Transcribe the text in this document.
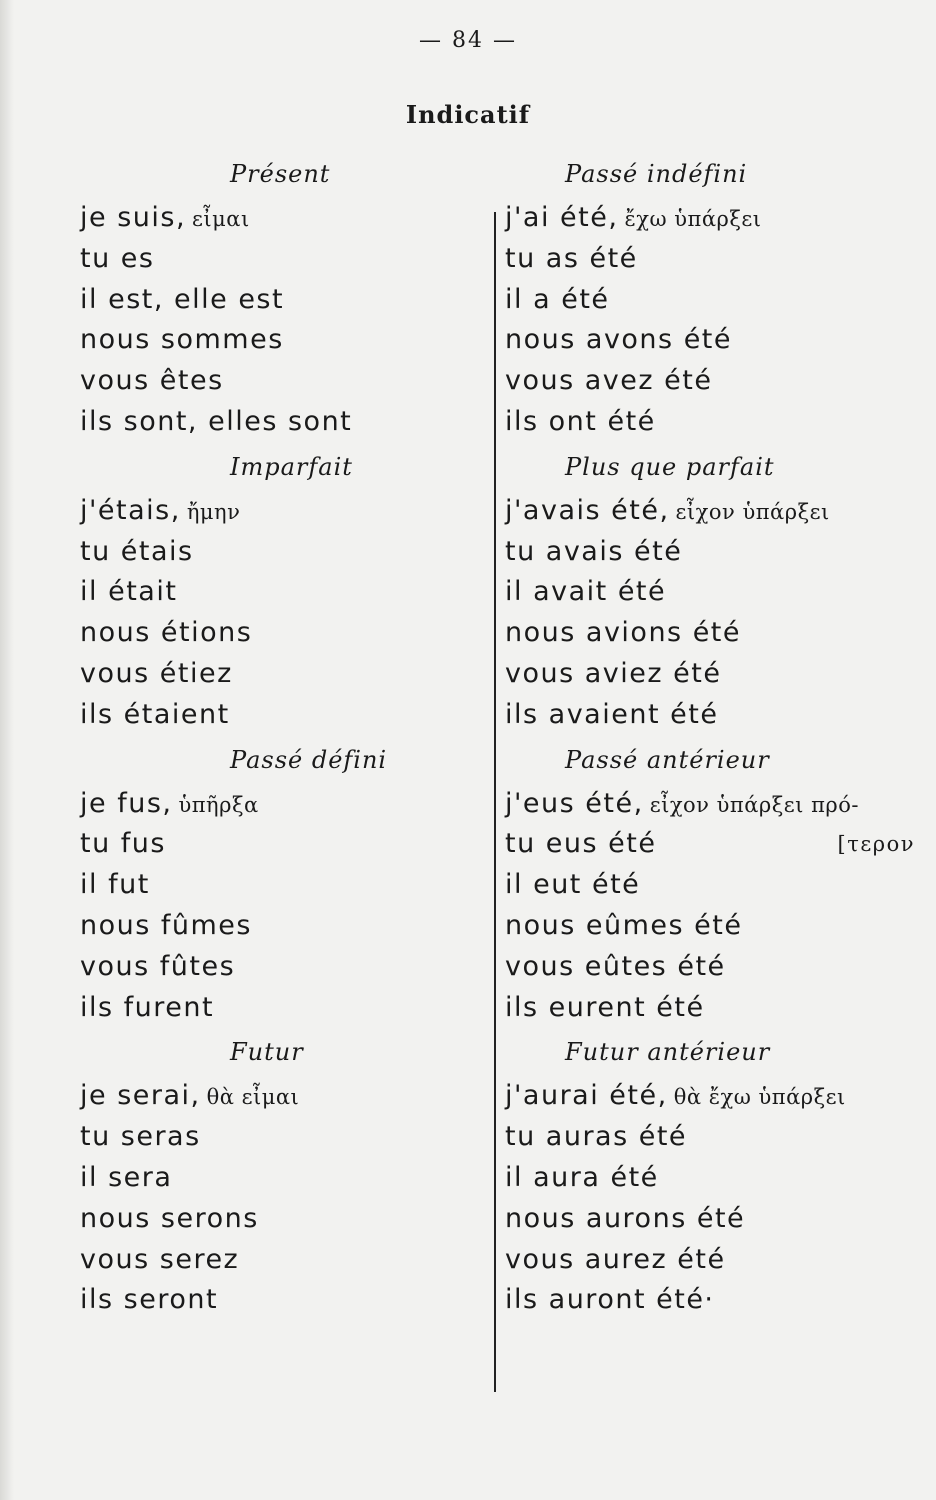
— 84 —
Indicatif
Présent
je suis, εἶμαι
tu es
il est, elle est
nous sommes
vous êtes
ils sont, elles sont
Imparfait
j'étais, ἤμην
tu étais
il était
nous étions
vous étiez
ils étaient
Passé défini
je fus, ὑπῆρξα
tu fus
il fut
nous fûmes
vous fûtes
ils furent
Futur
je serai, θὰ εἶμαι
tu seras
il sera
nous serons
vous serez
ils seront
Passé indéfini
j'ai été, ἔχω ὑπάρξει
tu as été
il a été
nous avons été
vous avez été
ils ont été
Plus que parfait
j'avais été, εἶχον ὑπάρξει
tu avais été
il avait été
nous avions été
vous aviez été
ils avaient été
Passé antérieur
j'eus été, εἶχον ὑπάρξει πρό-
tu eus été	[τερον
il eut été
nous eûmes été
vous eûtes été
ils eurent été
Futur antérieur
j'aurai été, θὰ ἔχω ὑπάρξει
tu auras été
il aura été
nous aurons été
vous aurez été
ils auront été·
